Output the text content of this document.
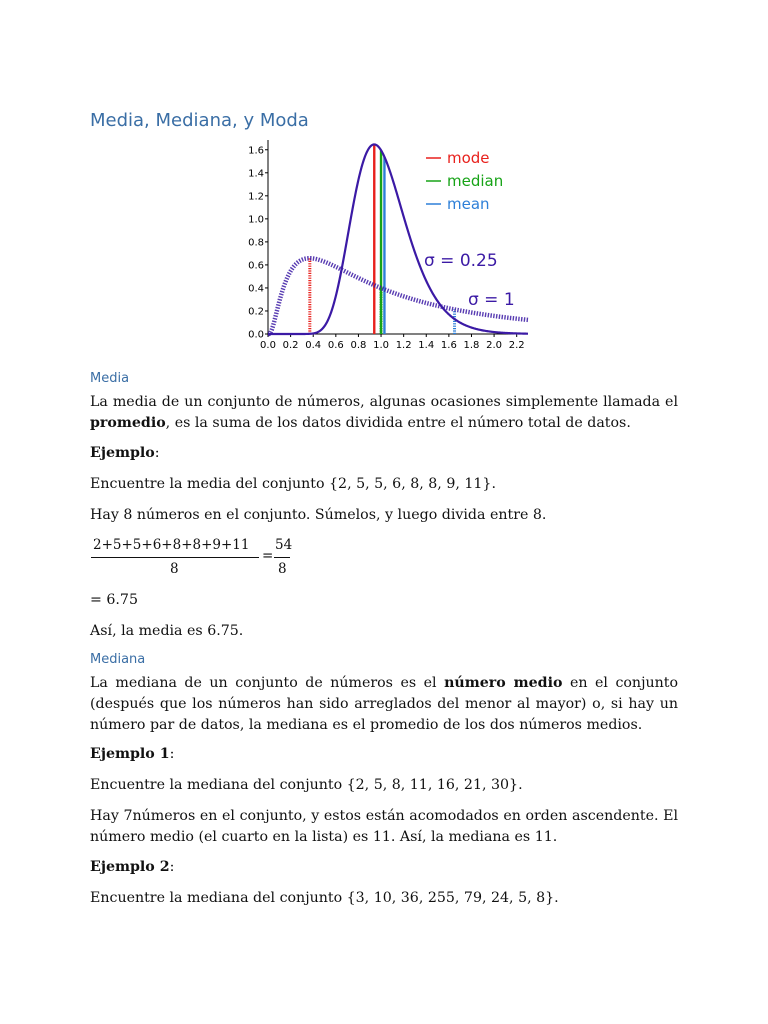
Media, Mediana, y Moda
0.0
0.2
0.4
0.6
0.8
1.0
1.2
1.4
1.6
0.0 0.2 0.4 0.6 0.8 1.0 1.2 1.4 1.6 1.8 2.0 2.2
mode
median
mean
σ = 0.25
σ = 1
Media
La media de un conjunto de números, algunas ocasiones simplemente llamada el promedio, es la suma de los datos dividida entre el número total de datos.
Ejemplo:
Encuentre la media del conjunto {2, 5, 5, 6, 8, 8, 9, 11}.
Hay 8 números en el conjunto. Súmelos, y luego divida entre 8.
2+5+5+6+8+8+9+11
8
=
54
8
= 6.75
Así, la media es 6.75.
Mediana
La mediana de un conjunto de números es el número medio en el conjunto (después que los números han sido arreglados del menor al mayor) o, si hay un número par de datos, la mediana es el promedio de los dos números medios.
Ejemplo 1:
Encuentre la mediana del conjunto {2, 5, 8, 11, 16, 21, 30}.
Hay 7números en el conjunto, y estos están acomodados en orden ascendente. El número medio (el cuarto en la lista) es 11. Así, la mediana es 11.
Ejemplo 2:
Encuentre la mediana del conjunto {3, 10, 36, 255, 79, 24, 5, 8}.
